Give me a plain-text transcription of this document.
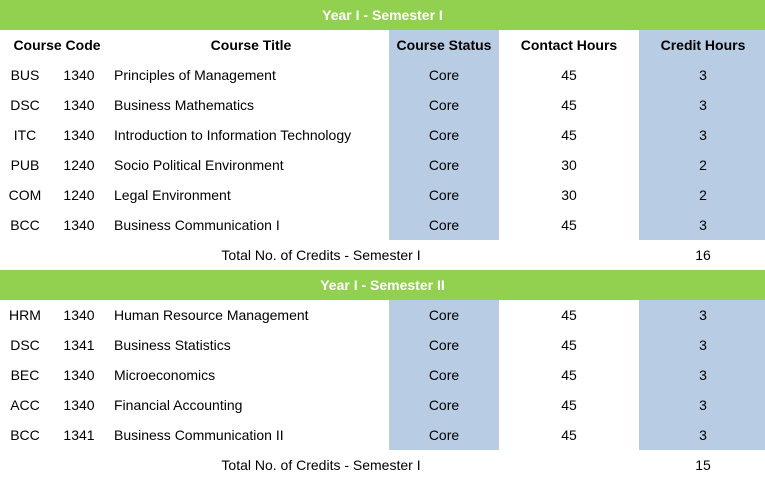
Year I - Semester I
Course Code	Course Title	Course Status	Contact Hours	Credit Hours
BUS	1340	Principles of Management	Core	45	3
DSC	1340	Business Mathematics	Core	45	3
ITC	1340	Introduction to Information Technology	Core	45	3
PUB	1240	Socio Political Environment	Core	30	2
COM	1240	Legal Environment	Core	30	2
BCC	1340	Business Communication I	Core	45	3
Total No. of Credits - Semester I	16
Year I - Semester II
HRM	1340	Human Resource Management	Core	45	3
DSC	1341	Business Statistics	Core	45	3
BEC	1340	Microeconomics	Core	45	3
ACC	1340	Financial Accounting	Core	45	3
BCC	1341	Business Communication II	Core	45	3
Total No. of Credits - Semester I	15
